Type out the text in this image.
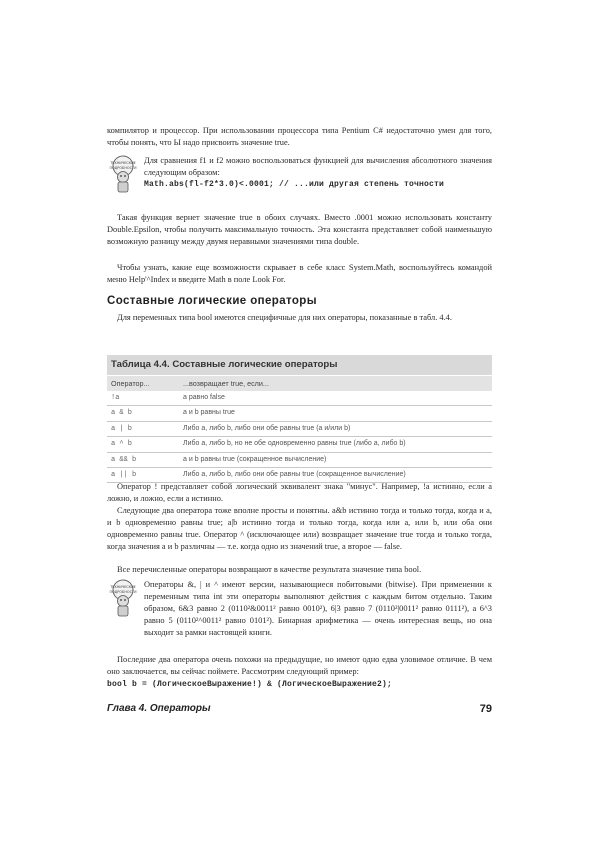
компилятор и процессор. При использовании процессора типа Pentium C# недостаточно умен для того, чтобы понять, что Ы надо присвоить значение true.

ТЕХНИЧЕСКИЕ
ПОДРОБНОСТИ

Для сравнения f1 и f2 можно воспользоваться функцией для вычисления абсолютного значения следующим образом:

Math.abs(fl-f2*3.0)<.0001; // ...или другая степень точности

Такая функция вернет значение true в обоих случаях. Вместо .0001 можно использовать константу Double.Epsilon, чтобы получить максимальную точность. Эта константа представляет собой наименьшую возможную разницу между двумя неравными значениями типа double.

Чтобы узнать, какие еще возможности скрывает в себе класс System.Math, воспользуйтесь командой меню Help'^Index и введите Math в поле Look For.

Составные логические операторы

Для переменных типа bool имеются специфичные для них операторы, показанные в табл. 4.4.

Таблица 4.4. Составные логические операторы
Оператор...	...возвращает true, если...
!a	a равно false
a & b	a и b равны true
a | b	Либо a, либо b, либо они обе равны true (a и/или b)
a ^ b	Либо a, либо b, но не обе одновременно равны true (либо a, либо b)
a && b	a и b равны true (сокращенное вычисление)
a || b	Либо a, либо b, либо они обе равны true (сокращенное вычисление)

Оператор ! представляет собой логический эквивалент знака "минус". Например, !a истинно, если a ложно, и ложно, если a истинно.

Следующие два оператора тоже вполне просты и понятны. a&b истинно тогда и только тогда, когда и a, и b одновременно равны true; a|b истинно тогда и только тогда, когда или a, или b, или оба они одновременно равны true. Оператор ^ (исключающее или) возвращает значение true тогда и только тогда, когда значения a и b различны — т.е. когда одно из значений true, а второе — false.

Все перечисленные операторы возвращают в качестве результата значение типа bool.

ТЕХНИЧЕСКИЕ
ПОДРОБНОСТИ

Операторы &, | и ^ имеют версии, называющиеся побитовыми (bitwise). При применении к переменным типа int эти операторы выполняют действия с каждым битом отдельно. Таким образом, 6&3 равно 2 (0110²&0011² равно 0010²), 6|3 равно 7 (0110²|0011² равно 0111²), а 6^3 равно 5 (0110²^0011² равно 0101²). Бинарная арифметика — очень интересная вещь, но она выходит за рамки настоящей книги.

Последние два оператора очень похожи на предыдущие, но имеют одно едва уловимое отличие. В чем оно заключается, вы сейчас поймете. Рассмотрим следующий пример:

bool b = (ЛогическоеВыражение!) & (ЛогическоеВыражение2);

Глава 4. Операторы	79
